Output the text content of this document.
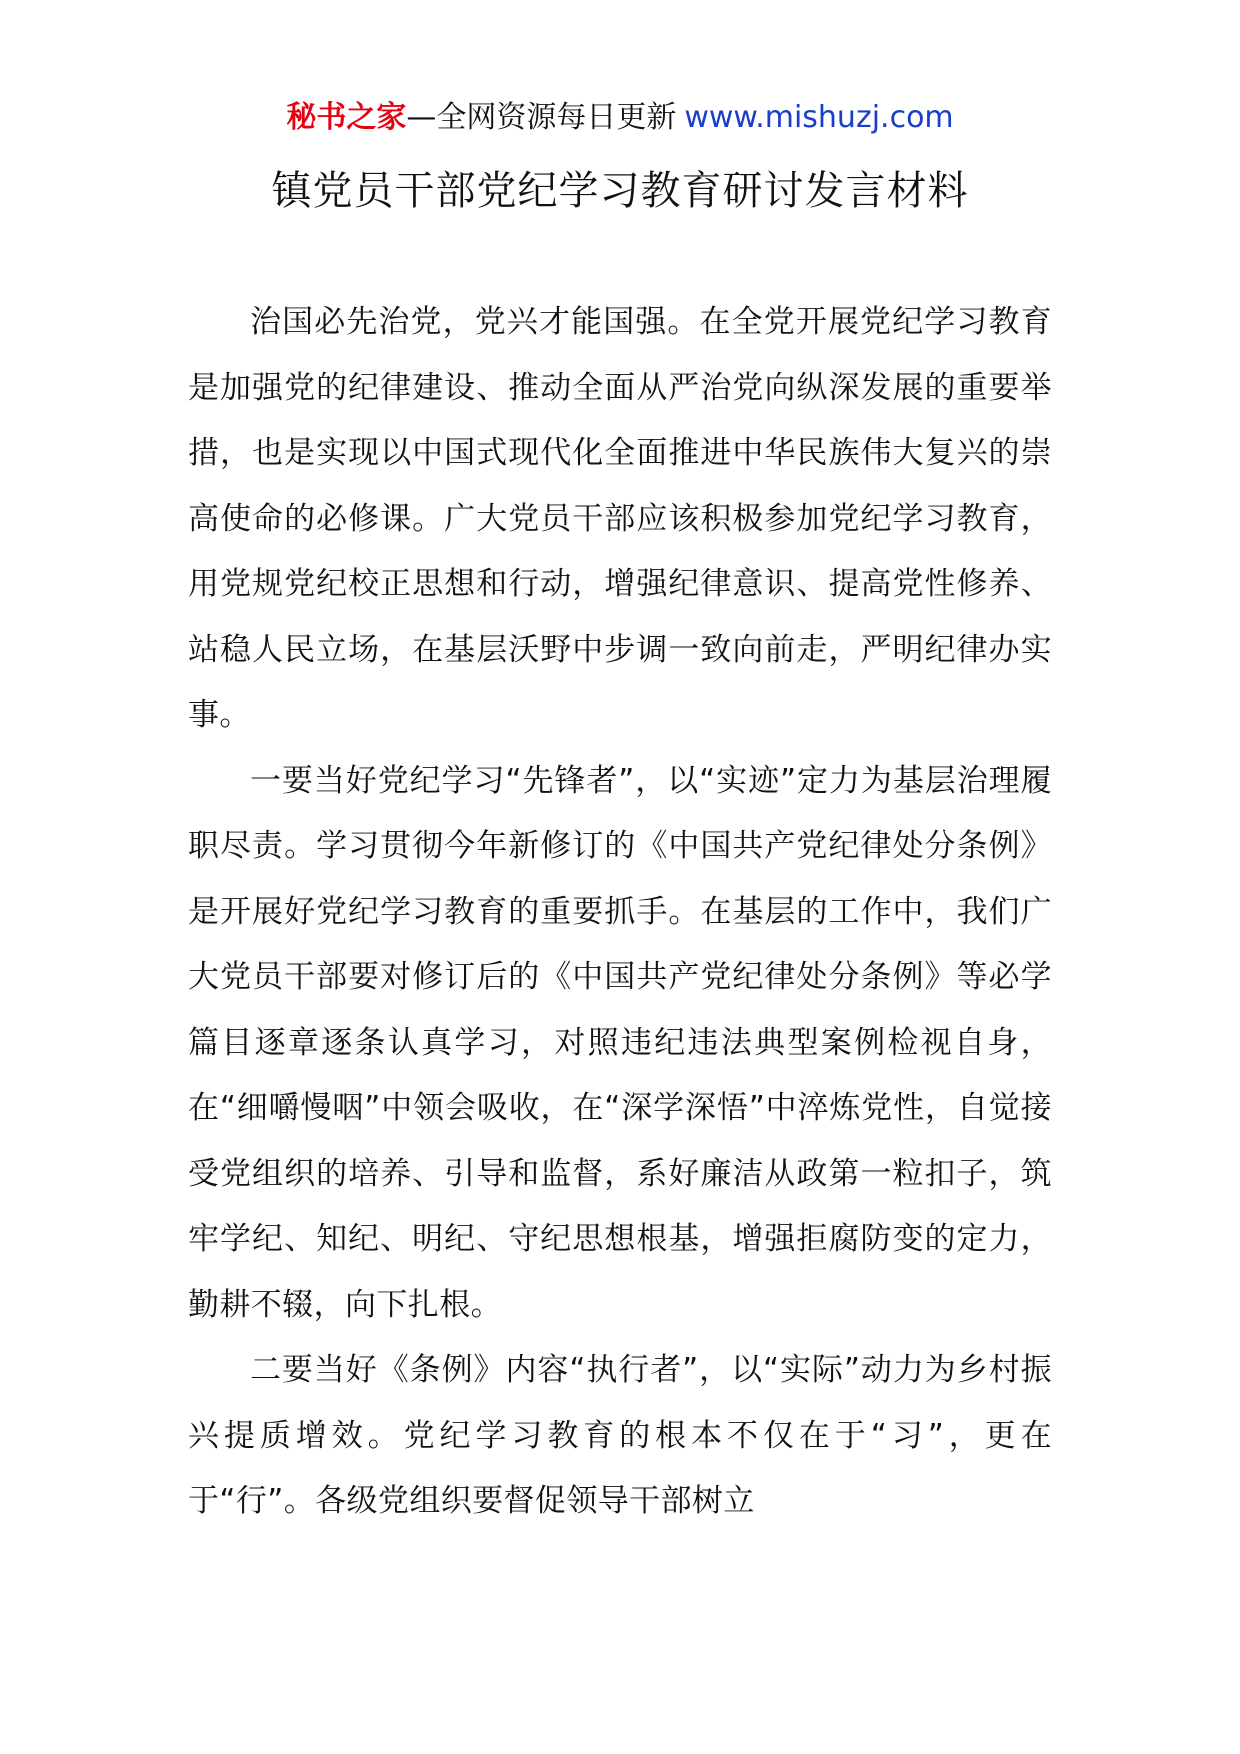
秘书之家—全网资源每日更新 www.mishuzj.com
镇党员干部党纪学习教育研讨发言材料

治国必先治党，党兴才能国强。在全党开展党纪学习教育是加强党的纪律建设、推动全面从严治党向纵深发展的重要举措，也是实现以中国式现代化全面推进中华民族伟大复兴的崇高使命的必修课。广大党员干部应该积极参加党纪学习教育，用党规党纪校正思想和行动，增强纪律意识、提高党性修养、站稳人民立场，在基层沃野中步调一致向前走，严明纪律办实事。

一要当好党纪学习“先锋者”，以“实迹”定力为基层治理履职尽责。学习贯彻今年新修订的《中国共产党纪律处分条例》是开展好党纪学习教育的重要抓手。在基层的工作中，我们广大党员干部要对修订后的《中国共产党纪律处分条例》等必学篇目逐章逐条认真学习，对照违纪违法典型案例检视自身，在“细嚼慢咽”中领会吸收，在“深学深悟”中淬炼党性，自觉接受党组织的培养、引导和监督，系好廉洁从政第一粒扣子，筑牢学纪、知纪、明纪、守纪思想根基，增强拒腐防变的定力，勤耕不辍，向下扎根。

二要当好《条例》内容“执行者”，以“实际”动力为乡村振兴提质增效。党纪学习教育的根本不仅在于“习”，更在于“行”。各级党组织要督促领导干部树立
